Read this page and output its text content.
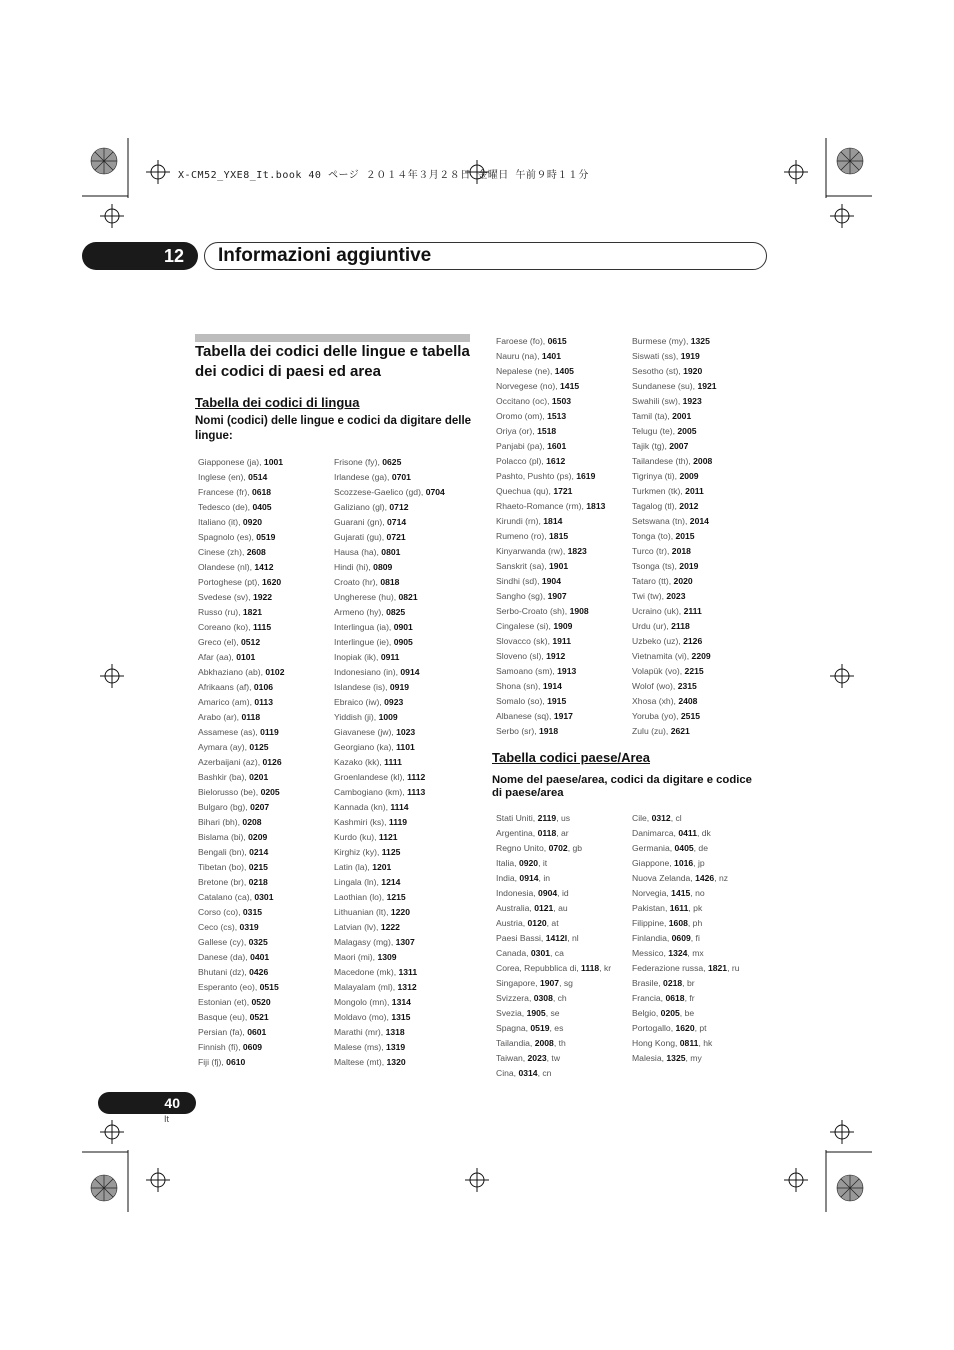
X-CM52_YXE8_It.book 40 ページ ２０１４年３月２８日 金曜日 午前９時１１分
12	Informazioni aggiuntive
Tabella dei codici delle lingue e tabella dei codici di paesi ed area
Tabella dei codici di lingua
Nomi (codici) delle lingue e codici da digitare delle lingue:
Giapponese (ja), 1001
Inglese (en), 0514
Francese (fr), 0618
Tedesco (de), 0405
Italiano (it), 0920
Spagnolo (es), 0519
Cinese (zh), 2608
Olandese (nl), 1412
Portoghese (pt), 1620
Svedese (sv), 1922
Russo (ru), 1821
Coreano (ko), 1115
Greco (el), 0512
Afar (aa), 0101
Abkhaziano (ab), 0102
Afrikaans (af), 0106
Amarico (am), 0113
Arabo (ar), 0118
Assamese (as), 0119
Aymara (ay), 0125
Azerbaijani (az), 0126
Bashkir (ba), 0201
Bielorusso (be), 0205
Bulgaro (bg), 0207
Bihari (bh), 0208
Bislama (bi), 0209
Bengali (bn), 0214
Tibetan (bo), 0215
Bretone (br), 0218
Catalano (ca), 0301
Corso (co), 0315
Ceco (cs), 0319
Gallese (cy), 0325
Danese (da), 0401
Bhutani (dz), 0426
Esperanto (eo), 0515
Estonian (et), 0520
Basque (eu), 0521
Persian (fa), 0601
Finnish (fi), 0609
Fiji (fj), 0610
Frisone (fy), 0625
Irlandese (ga), 0701
Scozzese-Gaelico (gd), 0704
Galiziano (gl), 0712
Guarani (gn), 0714
Gujarati (gu), 0721
Hausa (ha), 0801
Hindi (hi), 0809
Croato (hr), 0818
Ungherese (hu), 0821
Armeno (hy), 0825
Interlingua (ia), 0901
Interlingue (ie), 0905
Inopiak (ik), 0911
Indonesiano (in), 0914
Islandese (is), 0919
Ebraico (iw), 0923
Yiddish (ji), 1009
Giavanese (jw), 1023
Georgiano (ka), 1101
Kazako (kk), 1111
Groenlandese (kl), 1112
Cambogiano (km), 1113
Kannada (kn), 1114
Kashmiri (ks), 1119
Kurdo (ku), 1121
Kirghiz (ky), 1125
Latin (la), 1201
Lingala (ln), 1214
Laothian (lo), 1215
Lithuanian (lt), 1220
Latvian (lv), 1222
Malagasy (mg), 1307
Maori (mi), 1309
Macedone (mk), 1311
Malayalam (ml), 1312
Mongolo (mn), 1314
Moldavo (mo), 1315
Marathi (mr), 1318
Malese (ms), 1319
Maltese (mt), 1320
Faroese (fo), 0615
Nauru (na), 1401
Nepalese (ne), 1405
Norvegese (no), 1415
Occitano (oc), 1503
Oromo (om), 1513
Oriya (or), 1518
Panjabi (pa), 1601
Polacco (pl), 1612
Pashto, Pushto (ps), 1619
Quechua (qu), 1721
Rhaeto-Romance (rm), 1813
Kirundi (rn), 1814
Rumeno (ro), 1815
Kinyarwanda (rw), 1823
Sanskrit (sa), 1901
Sindhi (sd), 1904
Sangho (sg), 1907
Serbo-Croato (sh), 1908
Cingalese (si), 1909
Slovacco (sk), 1911
Sloveno (sl), 1912
Samoano (sm), 1913
Shona (sn), 1914
Somalo (so), 1915
Albanese (sq), 1917
Serbo (sr), 1918
Burmese (my), 1325
Siswati (ss), 1919
Sesotho (st), 1920
Sundanese (su), 1921
Swahili (sw), 1923
Tamil (ta), 2001
Telugu (te), 2005
Tajik (tg), 2007
Tailandese (th), 2008
Tigrinya (ti), 2009
Turkmen (tk), 2011
Tagalog (tl), 2012
Setswana (tn), 2014
Tonga (to), 2015
Turco (tr), 2018
Tsonga (ts), 2019
Tataro (tt), 2020
Twi (tw), 2023
Ucraino (uk), 2111
Urdu (ur), 2118
Uzbeko (uz), 2126
Vietnamita (vi), 2209
Volapük (vo), 2215
Wolof (wo), 2315
Xhosa (xh), 2408
Yoruba (yo), 2515
Zulu (zu), 2621
Tabella codici paese/Area
Nome del paese/area, codici da digitare e codice di paese/area
Stati Uniti, 2119, us
Argentina, 0118, ar
Regno Unito, 0702, gb
Italia, 0920, it
India, 0914, in
Indonesia, 0904, id
Australia, 0121, au
Austria, 0120, at
Paesi Bassi, 1412l, nl
Canada, 0301, ca
Corea, Repubblica di, 1118, kr
Singapore, 1907, sg
Svizzera, 0308, ch
Svezia, 1905, se
Spagna, 0519, es
Tailandia, 2008, th
Taiwan, 2023, tw
Cina, 0314, cn
Cile, 0312, cl
Danimarca, 0411, dk
Germania, 0405, de
Giappone, 1016, jp
Nuova Zelanda, 1426, nz
Norvegia, 1415, no
Pakistan, 1611, pk
Filippine, 1608, ph
Finlandia, 0609, fi
Messico, 1324, mx
Federazione russa, 1821, ru
Brasile, 0218, br
Francia, 0618, fr
Belgio, 0205, be
Portogallo, 1620, pt
Hong Kong, 0811, hk
Malesia, 1325, my
40
It
